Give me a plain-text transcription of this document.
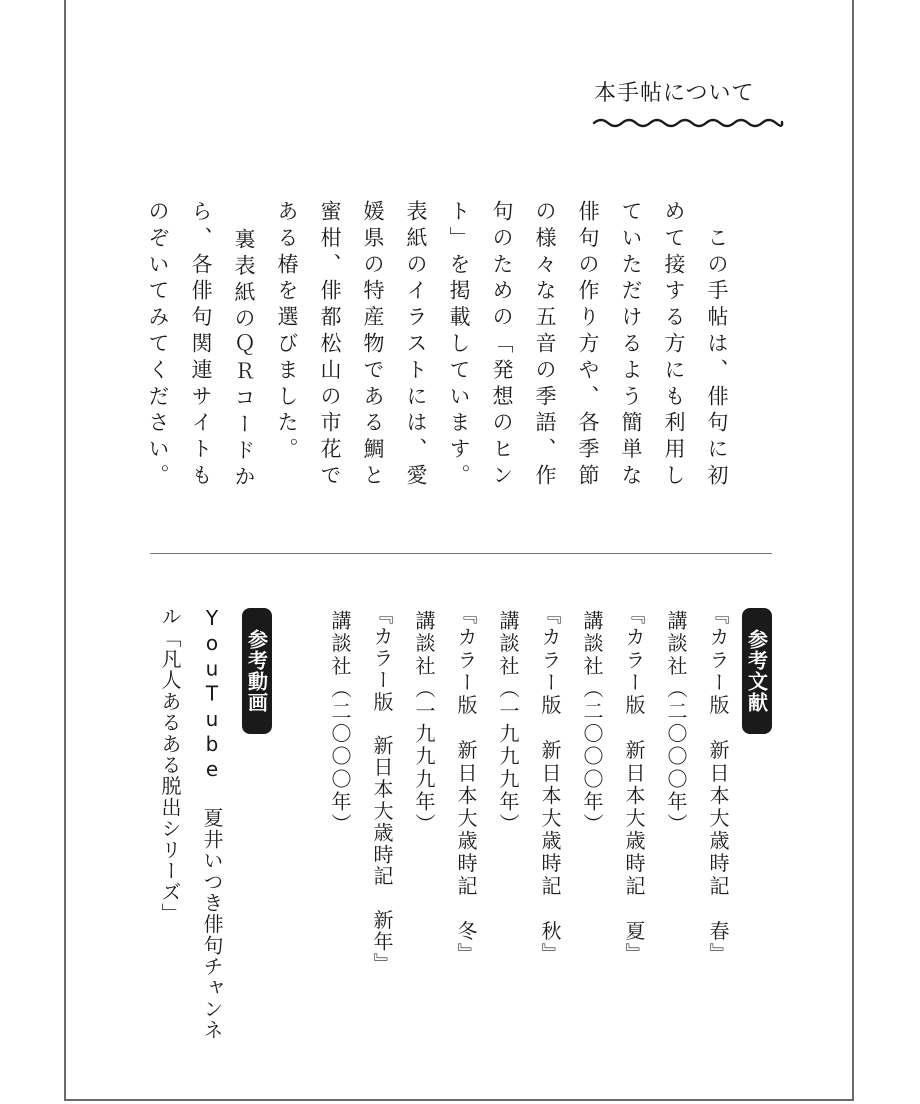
本手帖について
　この手帖は、俳句に初
めて接する方にも利用し
ていただけるよう簡単な
俳句の作り方や、各季節
の様々な五音の季語、作
句のための「発想のヒン
ト」を掲載しています。
表紙のイラストには、愛
媛県の特産物である鯛と
蜜柑、俳都松山の市花で
ある椿を選びました。
裏表紙のＱＲコードか
ら、各俳句関連サイトも
のぞいてみてください。
参考文献
『カラー版　新日本大歳時記　春』
講談社（二〇〇〇年）
『カラー版　新日本大歳時記　夏』
講談社（二〇〇〇年）
『カラー版　新日本大歳時記　秋』
講談社（一九九九年）
『カラー版　新日本大歳時記　冬』
講談社（一九九九年）
『カラー版　新日本大歳時記　新年』
講談社（二〇〇〇年）
参考動画
YouTube 夏井いつき俳句チャンネ
ル「凡人あるある脱出シリーズ」
